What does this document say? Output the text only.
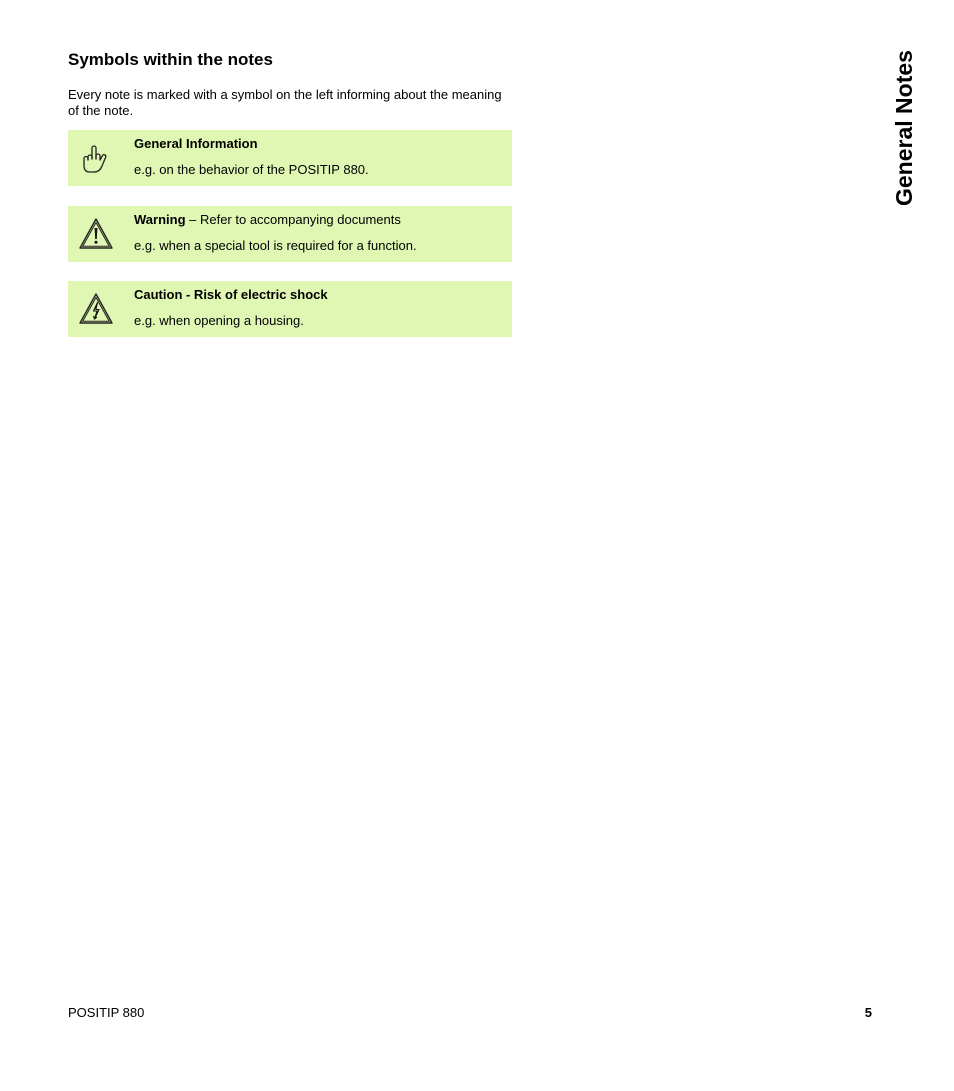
Symbols within the notes

Every note is marked with a symbol on the left informing about the meaning of the note.

General Information
e.g. on the behavior of the POSITIP 880.
Warning – Refer to accompanying documents
e.g. when a special tool is required for a function.
Caution - Risk of electric shock
e.g. when opening a housing.
General Notes
POSITIP 880	5
